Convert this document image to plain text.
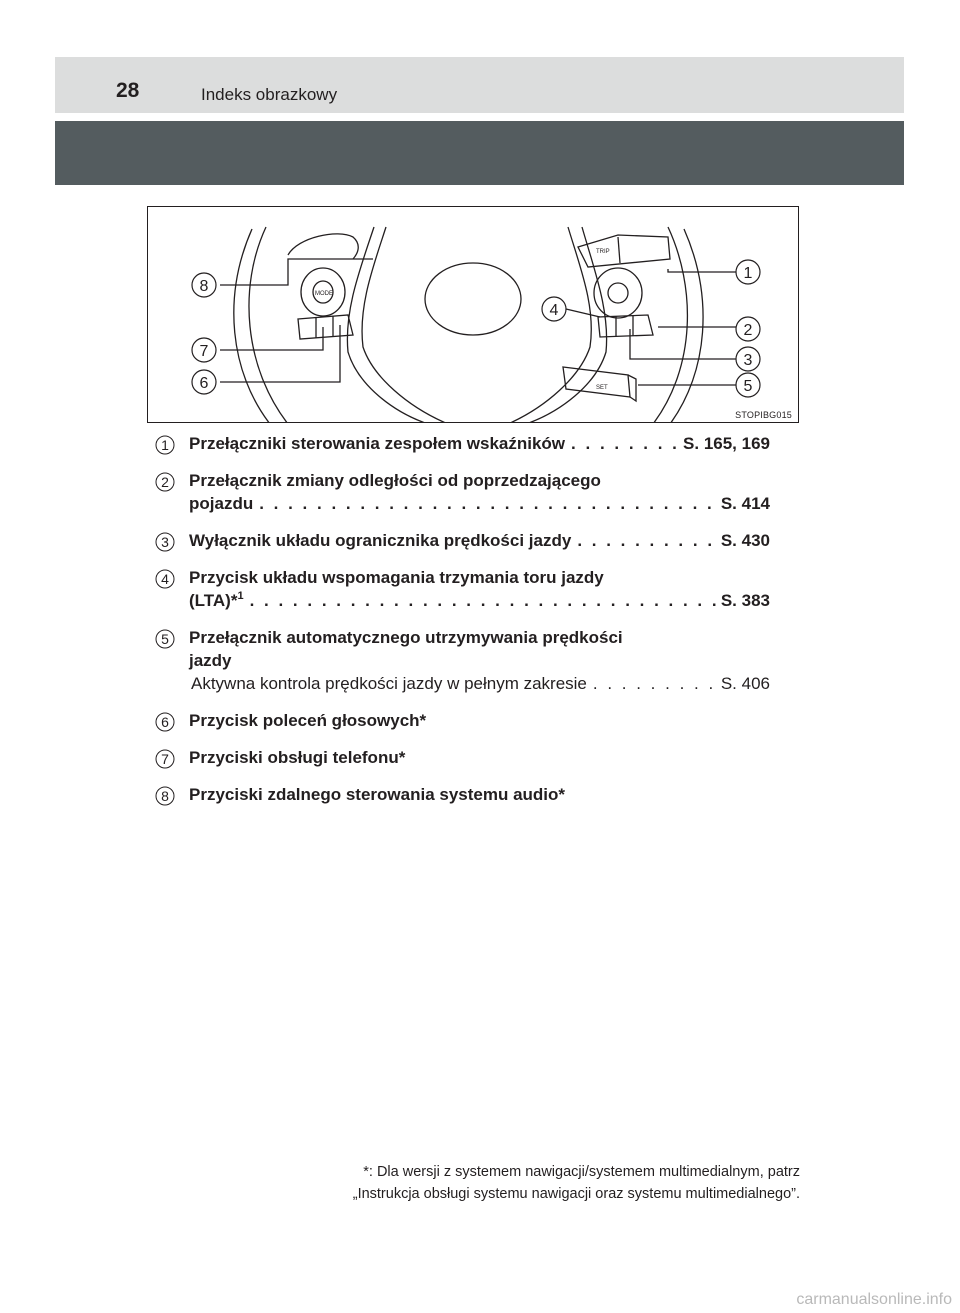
28	Indeks obrazkowy
TRIP
MODE
SET
8
7
6
4
1
2
3
5
STOPIBG015
1 Przełączniki sterowania zespołem wskaźników . . .	S. 165, 169
2 Przełącznik zmiany odległości od poprzedzającego
pojazdu . . .	S. 414
3 Wyłącznik układu ogranicznika prędkości jazdy . . .	S. 430
4 Przycisk układu wspomagania trzymania toru jazdy
(LTA)*$^1$ . . .	S. 383
5 Przełącznik automatycznego utrzymywania prędkości
jazdy
Aktywna kontrola prędkości jazdy w pełnym zakresie . . .	S. 406
6 Przycisk poleceń głosowych*
7 Przyciski obsługi telefonu*
8 Przyciski zdalnego sterowania systemu audio*
*: Dla wersji z systemem nawigacji/systemem multimedialnym, patrz
„Instrukcja obsługi systemu nawigacji oraz systemu multimedialnego”.
carmanualsonline.info
